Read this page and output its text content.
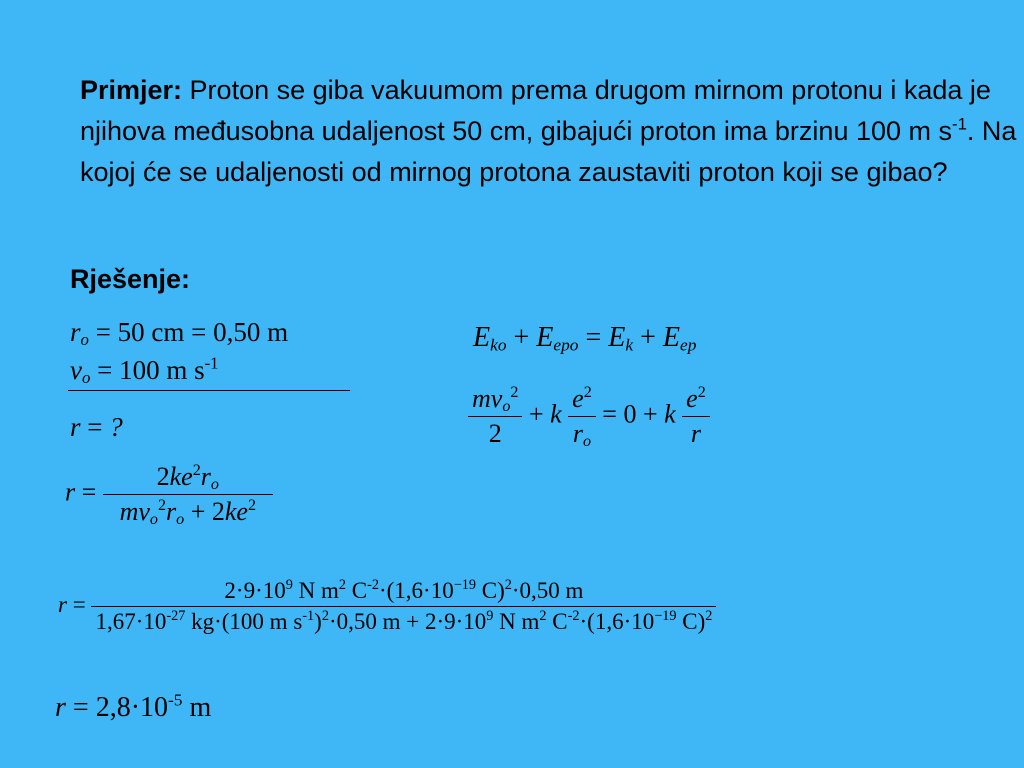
Primjer: Proton se giba vakuumom prema drugom mirnom protonu i kada je njihova međusobna udaljenost 50 cm, gibajući proton ima brzinu 100 m $s^{-1}$. Na kojoj će se udaljenosti od mirnog protona zaustaviti proton koji se gibao?
Rješenje:
$r_o = 50$ cm = 0,50 m
$v_o = 100$ m $s^{-1}$
r = ?
$E_{ko} + E_{epo} = E_k + E_{ep}$
$\frac{mv_o^2}{2} + k \frac{e^2}{r_o} = 0 + k \frac{e^2}{r}$
$r = \frac{2ke^2r_o}{mv_o^2r_o + 2ke^2}$
r =
$2\cdot 9\cdot 10^9$ N $m^2$ $C^{-2}\cdot(1,6\cdot 10^{-19}$ C)$^2$·0,50 m
$1,67\cdot 10^{-27}$ kg·(100 m $s^{-1})^2\cdot 0,50$ $m + 2\cdot 9\cdot 10^9$ N $m^2$ $C^{-2}\cdot(1,6\cdot 10^{-19}$ C)$^2$
$r = 2,8\cdot 10^{-5}$ m
